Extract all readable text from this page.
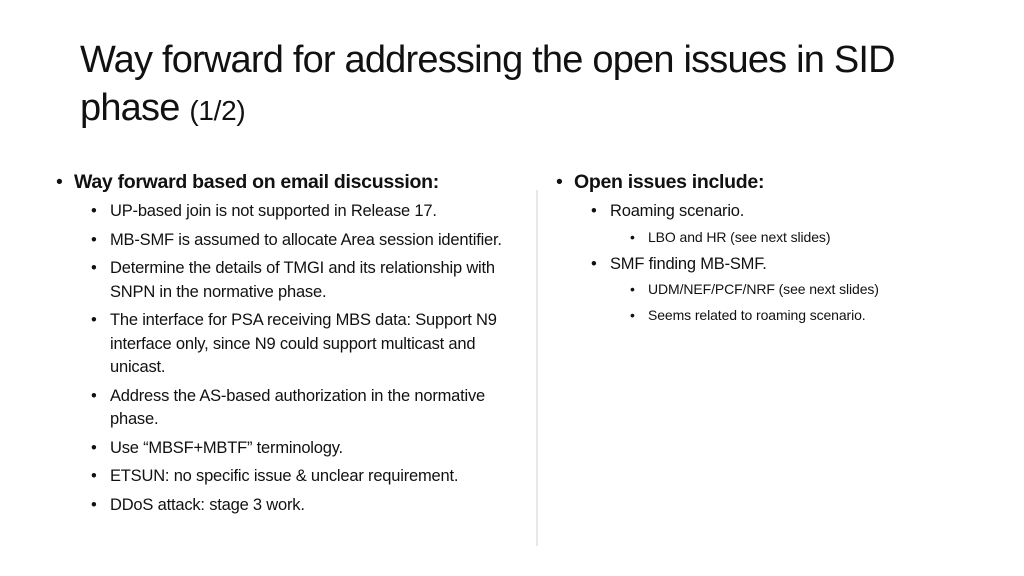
Way forward for addressing the open issues in SID phase (1/2)
• Way forward based on email discussion:
• UP-based join is not supported in Release 17.
• MB-SMF is assumed to allocate Area session identifier.
• Determine the details of TMGI and its relationship with SNPN in the normative phase.
• The interface for PSA receiving MBS data: Support N9 interface only, since N9 could support multicast and unicast.
• Address the AS-based authorization in the normative phase.
• Use “MBSF+MBTF” terminology.
• ETSUN: no specific issue & unclear requirement.
• DDoS attack: stage 3 work.
• Open issues include:
• Roaming scenario.
• LBO and HR (see next slides)
• SMF finding MB-SMF.
• UDM/NEF/PCF/NRF (see next slides)
• Seems related to roaming scenario.
